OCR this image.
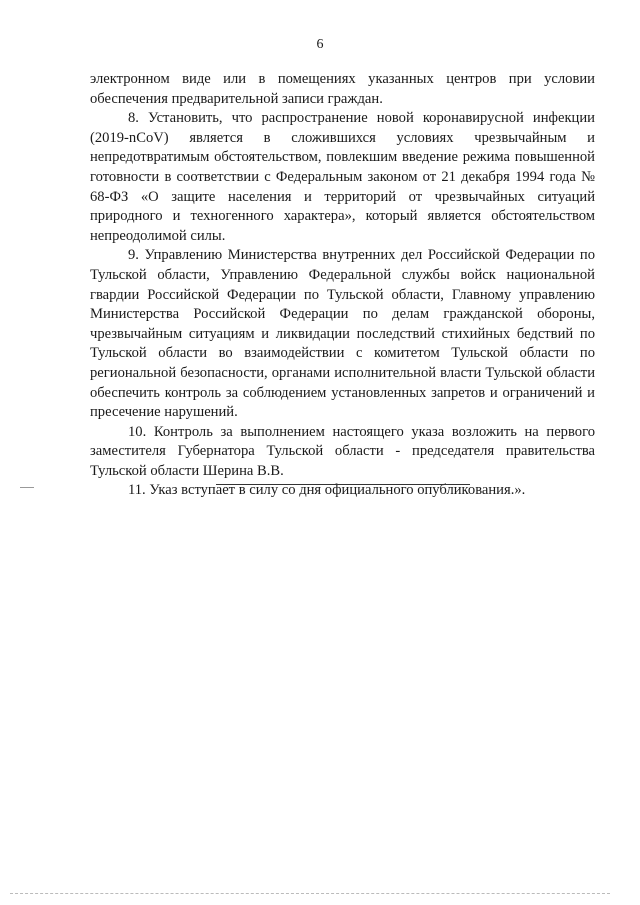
6

электронном виде или в помещениях указанных центров при условии обеспечения предварительной записи граждан.

8. Установить, что распространение новой коронавирусной инфекции (2019-nCoV) является в сложившихся условиях чрезвычайным и непредотвратимым обстоятельством, повлекшим введение режима повышенной готовности в соответствии с Федеральным законом от 21 декабря 1994 года № 68-ФЗ «О защите населения и территорий от чрезвычайных ситуаций природного и техногенного характера», который является обстоятельством непреодолимой силы.

9. Управлению Министерства внутренних дел Российской Федерации по Тульской области, Управлению Федеральной службы войск национальной гвардии Российской Федерации по Тульской области, Главному управлению Министерства Российской Федерации по делам гражданской обороны, чрезвычайным ситуациям и ликвидации последствий стихийных бедствий по Тульской области во взаимодействии с комитетом Тульской области по региональной безопасности, органами исполнительной власти Тульской области обеспечить контроль за соблюдением установленных запретов и ограничений и пресечение нарушений.

10. Контроль за выполнением настоящего указа возложить на первого заместителя Губернатора Тульской области - председателя правительства Тульской области Шерина В.В.

11. Указ вступает в силу со дня официального опубликования.».
